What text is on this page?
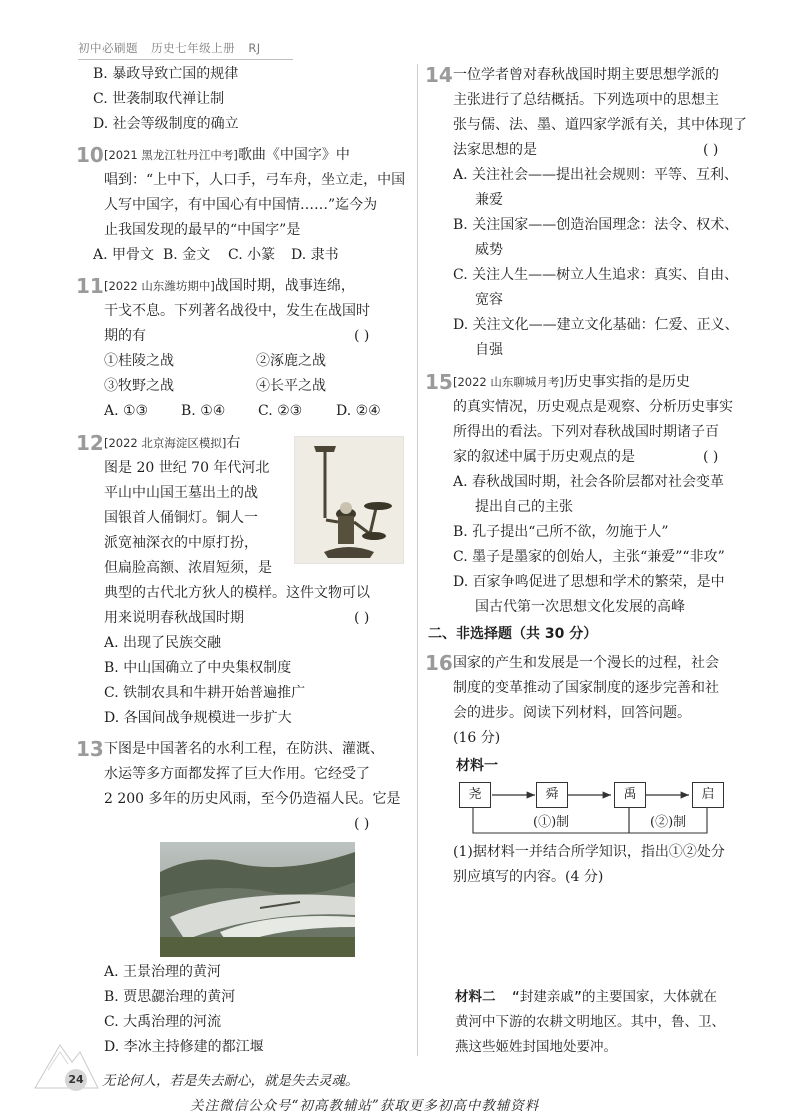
初中必刷题 历史七年级上册 RJ
B. 暴政导致亡国的规律
C. 世袭制取代禅让制
D. 社会等级制度的确立
10 [2021 黑龙江牡丹江中考]歌曲《中国字》中
唱到：“上中下，人口手，弓车舟，坐立走，中国
人写中国字，有中国心有中国情……”迄今为
止我国发现的最早的“中国字”是
A. 甲骨文 B. 金文 C. 小篆 D. 隶书
11 [2022 山东潍坊期中]战国时期，战事连绵，
干戈不息。下列著名战役中，发生在战国时
期的有	( )
①桂陵之战	②涿鹿之战
③牧野之战	④长平之战
A. ①③ B. ①④ C. ②③ D. ②④
12 [2022 北京海淀区模拟]右
图是 20 世纪 70 年代河北
平山中山国王墓出土的战
国银首人俑铜灯。铜人一
派宽袖深衣的中原打扮，
但扁脸高额、浓眉短须，是
典型的古代北方狄人的模样。这件文物可以
用来说明春秋战国时期	( )
A. 出现了民族交融
B. 中山国确立了中央集权制度
C. 铁制农具和牛耕开始普遍推广
D. 各国间战争规模进一步扩大
13 下图是中国著名的水利工程，在防洪、灌溉、
水运等多方面都发挥了巨大作用。它经受了
2 200 多年的历史风雨，至今仍造福人民。它是
( )
A. 王景治理的黄河
B. 贾思勰治理的黄河
C. 大禹治理的河流
D. 李冰主持修建的都江堰
14 一位学者曾对春秋战国时期主要思想学派的
主张进行了总结概括。下列选项中的思想主
张与儒、法、墨、道四家学派有关，其中体现了
法家思想的是	( )
A. 关注社会——提出社会规则：平等、互利、
兼爱
B. 关注国家——创造治国理念：法令、权术、
威势
C. 关注人生——树立人生追求：真实、自由、
宽容
D. 关注文化——建立文化基础：仁爱、正义、
自强
15 [2022 山东聊城月考]历史事实指的是历史
的真实情况，历史观点是观察、分析历史事实
所得出的看法。下列对春秋战国时期诸子百
家的叙述中属于历史观点的是	( )
A. 春秋战国时期，社会各阶层都对社会变革
提出自己的主张
B. 孔子提出“己所不欲，勿施于人”
C. 墨子是墨家的创始人，主张“兼爱”“非攻”
D. 百家争鸣促进了思想和学术的繁荣，是中
国古代第一次思想文化发展的高峰
二、非选择题（共 30 分）
16 国家的产生和发展是一个漫长的过程，社会
制度的变革推动了国家制度的逐步完善和社
会的进步。阅读下列材料，回答问题。
(16 分)
材料一
尧	舜	禹	启
(①)制	(②)制
(1)据材料一并结合所学知识，指出①②处分
别应填写的内容。(4 分)
材料二 “封建亲戚”的主要国家，大体就在
黄河中下游的农耕文明地区。其中，鲁、卫、
燕这些姬姓封国地处要冲。
24 无论何人，若是失去耐心，就是失去灵魂。
关注微信公众号“初高教辅站”获取更多初高中教辅资料
